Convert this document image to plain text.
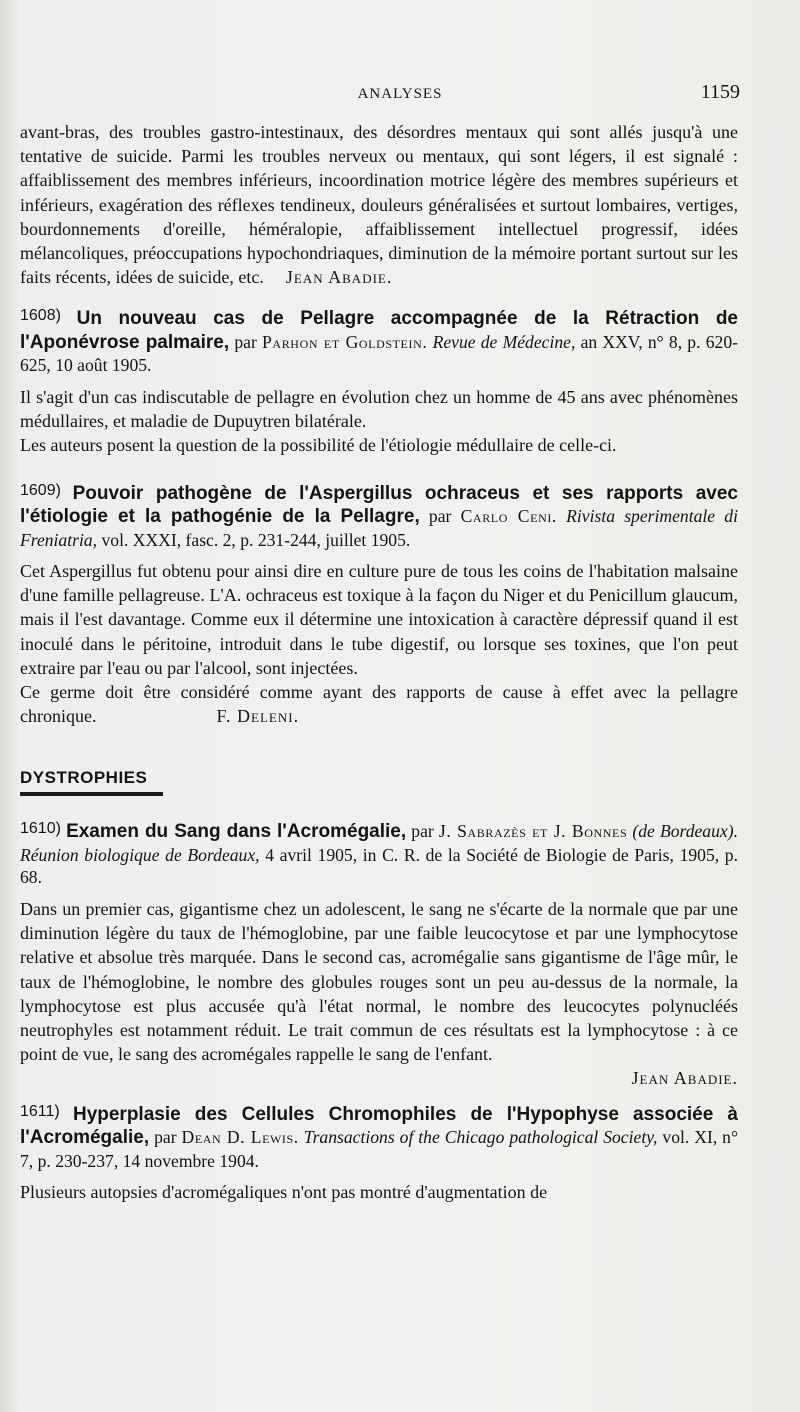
ANALYSES	1159

avant-bras, des troubles gastro-intestinaux, des désordres mentaux qui sont allés jusqu'à une tentative de suicide. Parmi les troubles nerveux ou mentaux, qui sont légers, il est signalé : affaiblissement des membres inférieurs, incoordination motrice légère des membres supérieurs et inférieurs, exagération des réflexes tendineux, douleurs généralisées et surtout lombaires, vertiges, bourdonnements d'oreille, héméralopie, affaiblissement intellectuel progressif, idées mélancoliques, préoccupations hypochondriaques, diminution de la mémoire portant surtout sur les faits récents, idées de suicide, etc. Jean Abadie.

1608) Un nouveau cas de Pellagre accompagnée de la Rétraction de l'Aponévrose palmaire, par Parhon et Goldstein. Revue de Médecine, an XXV, n° 8, p. 620-625, 10 août 1905.

Il s'agit d'un cas indiscutable de pellagre en évolution chez un homme de 45 ans avec phénomènes médullaires, et maladie de Dupuytren bilatérale.

Les auteurs posent la question de la possibilité de l'étiologie médullaire de celle-ci.

1609) Pouvoir pathogène de l'Aspergillus ochraceus et ses rapports avec l'étiologie et la pathogénie de la Pellagre, par Carlo Ceni. Rivista sperimentale di Freniatria, vol. XXXI, fasc. 2, p. 231-244, juillet 1905.

Cet Aspergillus fut obtenu pour ainsi dire en culture pure de tous les coins de l'habitation malsaine d'une famille pellagreuse. L'A. ochraceus est toxique à la façon du Niger et du Penicillum glaucum, mais il l'est davantage. Comme eux il détermine une intoxication à caractère dépressif quand il est inoculé dans le péritoine, introduit dans le tube digestif, ou lorsque ses toxines, que l'on peut extraire par l'eau ou par l'alcool, sont injectées.

Ce germe doit être considéré comme ayant des rapports de cause à effet avec la pellagre chronique.	F. Deleni.

DYSTROPHIES

1610) Examen du Sang dans l'Acromégalie, par J. Sabrazès et J. Bonnes (de Bordeaux). Réunion biologique de Bordeaux, 4 avril 1905, in C. R. de la Société de Biologie de Paris, 1905, p. 68.

Dans un premier cas, gigantisme chez un adolescent, le sang ne s'écarte de la normale que par une diminution légère du taux de l'hémoglobine, par une faible leucocytose et par une lymphocytose relative et absolue très marquée. Dans le second cas, acromégalie sans gigantisme de l'âge mûr, le taux de l'hémoglobine, le nombre des globules rouges sont un peu au-dessus de la normale, la lymphocytose est plus accusée qu'à l'état normal, le nombre des leucocytes polynucléés neutrophyles est notamment réduit. Le trait commun de ces résultats est la lymphocytose : à ce point de vue, le sang des acromégales rappelle le sang de l'enfant.

Jean Abadie.

1611) Hyperplasie des Cellules Chromophiles de l'Hypophyse associée à l'Acromégalie, par Dean D. Lewis. Transactions of the Chicago pathological Society, vol. XI, n° 7, p. 230-237, 14 novembre 1904.

Plusieurs autopsies d'acromégaliques n'ont pas montré d'augmentation de
